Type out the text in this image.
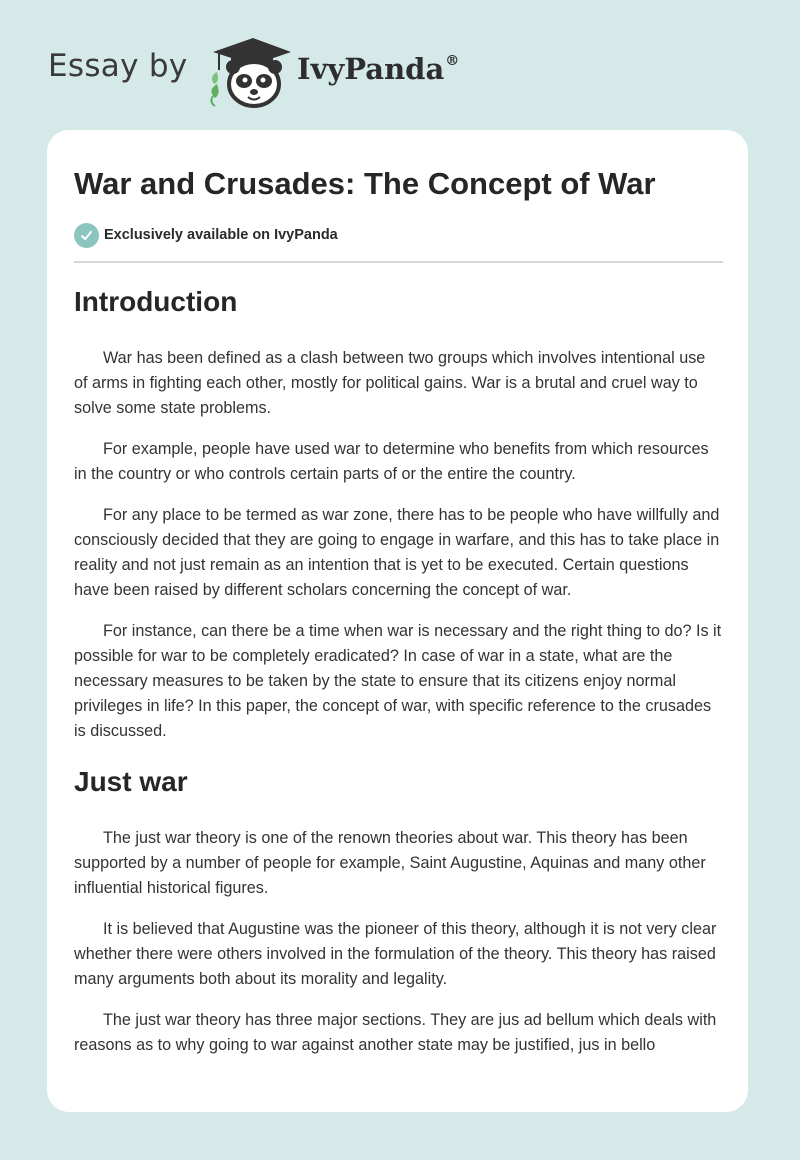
Essay by	IvyPanda®
War and Crusades: The Concept of War
Exclusively available on IvyPanda
Introduction

War has been defined as a clash between two groups which involves intentional use of arms in fighting each other, mostly for political gains. War is a brutal and cruel way to solve some state problems.

For example, people have used war to determine who benefits from which resources in the country or who controls certain parts of or the entire the country.

For any place to be termed as war zone, there has to be people who have willfully and consciously decided that they are going to engage in warfare, and this has to take place in reality and not just remain as an intention that is yet to be executed. Certain questions have been raised by different scholars concerning the concept of war.

For instance, can there be a time when war is necessary and the right thing to do? Is it possible for war to be completely eradicated? In case of war in a state, what are the necessary measures to be taken by the state to ensure that its citizens enjoy normal privileges in life? In this paper, the concept of war, with specific reference to the crusades is discussed.

Just war

The just war theory is one of the renown theories about war. This theory has been supported by a number of people for example, Saint Augustine, Aquinas and many other influential historical figures.

It is believed that Augustine was the pioneer of this theory, although it is not very clear whether there were others involved in the formulation of the theory. This theory has raised many arguments both about its morality and legality.

The just war theory has three major sections. They are jus ad bellum which deals with reasons as to why going to war against another state may be justified, jus in bello
